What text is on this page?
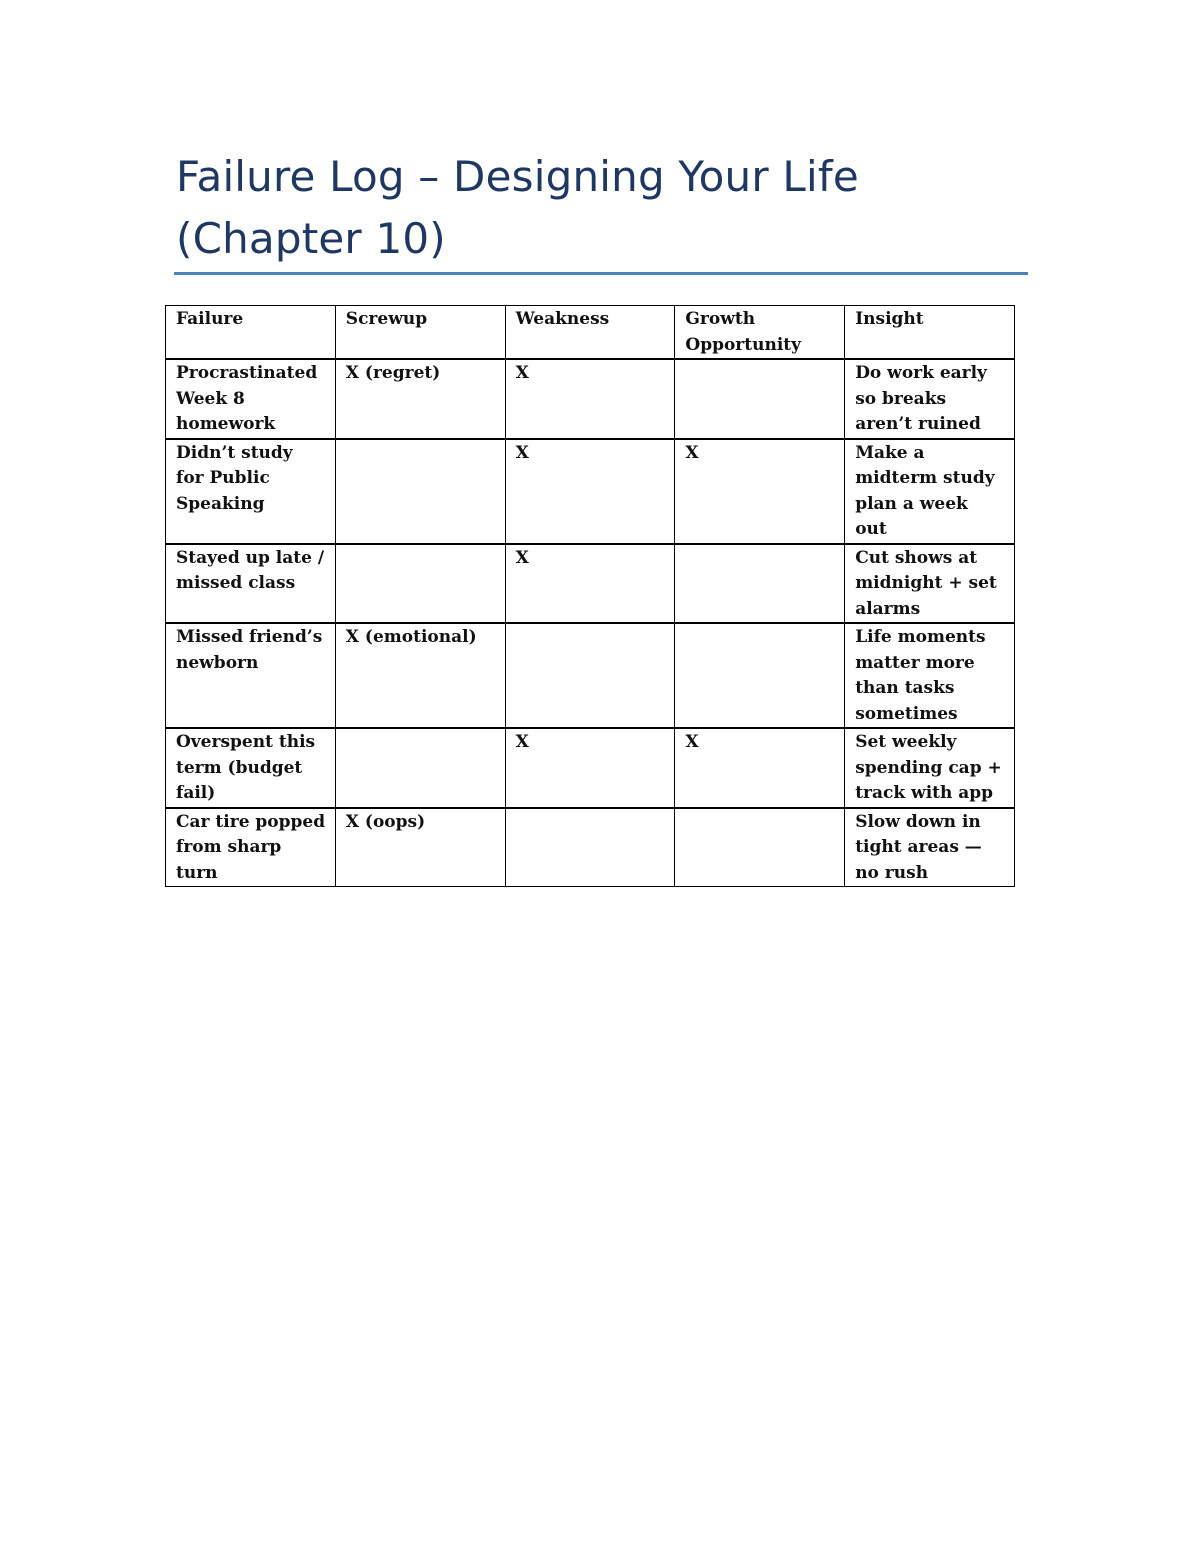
Failure Log – Designing Your Life (Chapter 10)
Failure	Screwup	Weakness	Growth Opportunity	Insight
Procrastinated Week 8 homework	X (regret)	X		Do work early so breaks aren’t ruined
Didn’t study for Public Speaking		X	X	Make a midterm study plan a week out
Stayed up late / missed class		X		Cut shows at midnight + set alarms
Missed friend’s newborn	X (emotional)			Life moments matter more than tasks sometimes
Overspent this term (budget fail)		X	X	Set weekly spending cap + track with app
Car tire popped from sharp turn	X (oops)			Slow down in tight areas — no rush
